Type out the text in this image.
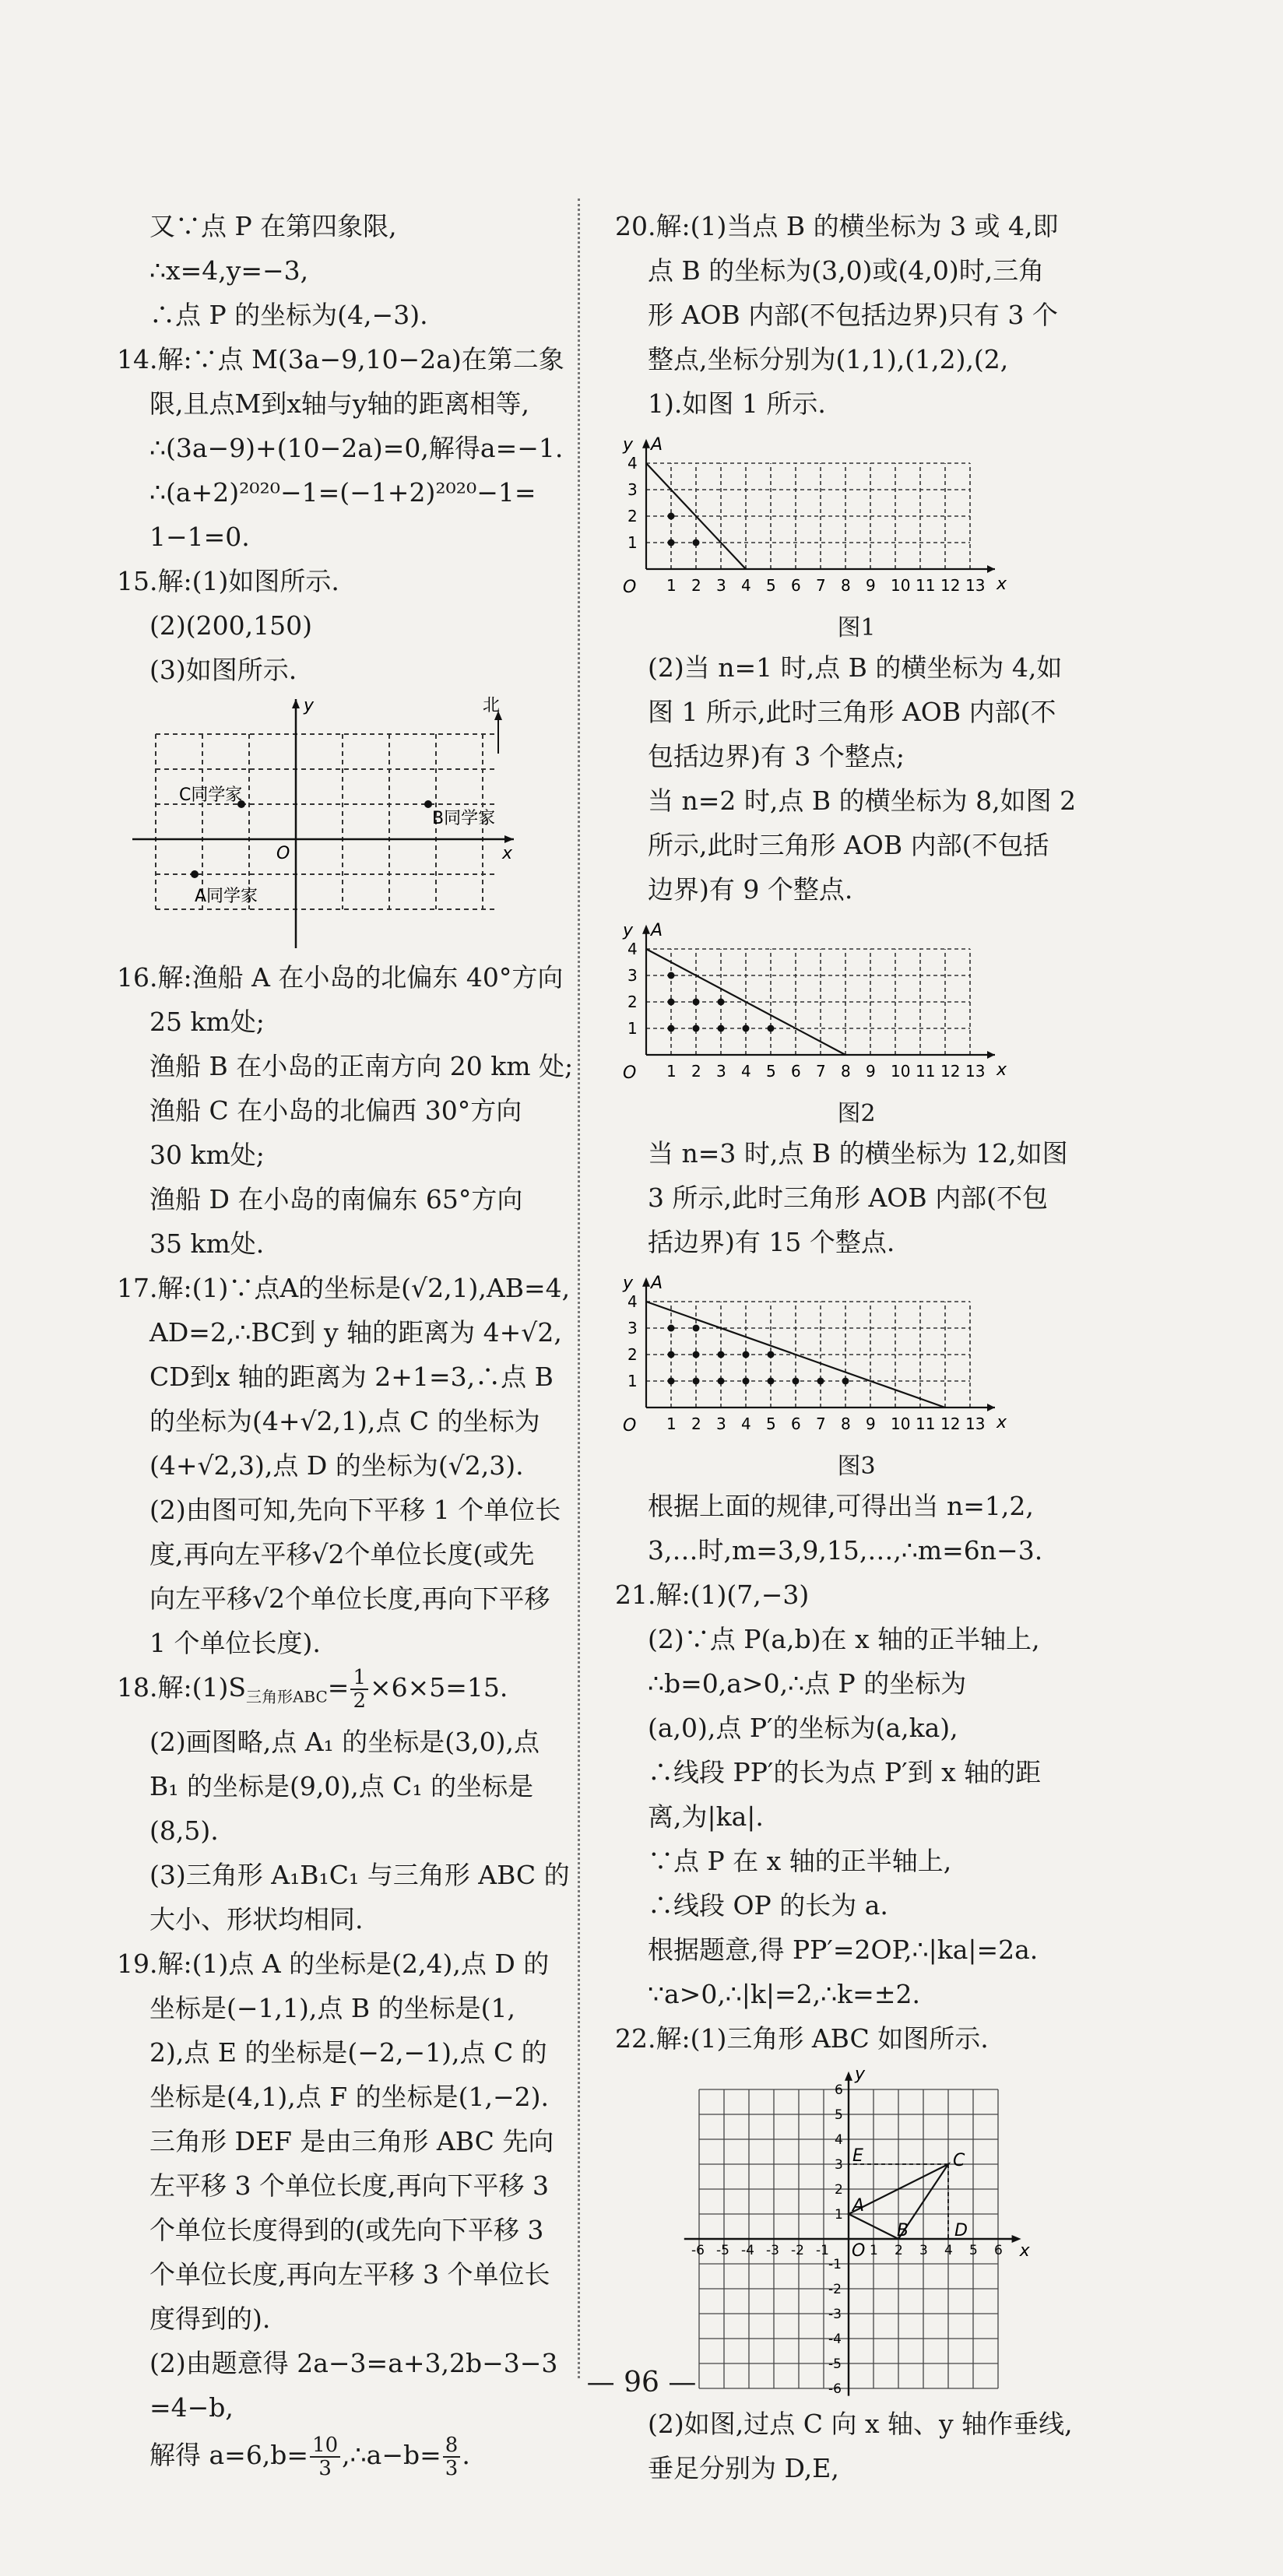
又∵点 P 在第四象限,

∴x=4,y=−3,

∴点 P 的坐标为(4,−3).

14.解:∵点 M(3a−9,10−2a)在第二象

限,且点M到x轴与y轴的距离相等,

∴(3a−9)+(10−2a)=0,解得a=−1.

∴(a+2)²⁰²⁰−1=(−1+2)²⁰²⁰−1=

1−1=0.

15.解:(1)如图所示.

(2)(200,150)

(3)如图所示.

北
y
x
O
C同学家
B同学家
A同学家

16.解:渔船 A 在小岛的北偏东 40°方向

25 km处;

渔船 B 在小岛的正南方向 20 km 处;

渔船 C 在小岛的北偏西 30°方向

30 km处;

渔船 D 在小岛的南偏东 65°方向

35 km处.

17.解:(1)∵点A的坐标是(√2,1),AB=4,

AD=2,∴BC到 y 轴的距离为 4+√2,

CD到x 轴的距离为 2+1=3,∴点 B

的坐标为(4+√2,1),点 C 的坐标为

(4+√2,3),点 D 的坐标为(√2,3).

(2)由图可知,先向下平移 1 个单位长

度,再向左平移√2个单位长度(或先

向左平移√2个单位长度,再向下平移

1 个单位长度).

18.解$:(1)S_{三角形ABC}= \frac{1}{2} \times 6\times 5=15$.

(2)画图略,点 A₁ 的坐标是(3,0),点

B₁ 的坐标是(9,0),点 C₁ 的坐标是

(8,5).

(3)三角形 A₁B₁C₁ 与三角形 ABC 的

大小、形状均相同.

19.解:(1)点 A 的坐标是(2,4),点 D 的

坐标是(−1,1),点 B 的坐标是(1,

2),点 E 的坐标是(−2,−1),点 C 的

坐标是(4,1),点 F 的坐标是(1,−2).

三角形 DEF 是由三角形 ABC 先向

左平移 3 个单位长度,再向下平移 3

个单位长度得到的(或先向下平移 3

个单位长度,再向左平移 3 个单位长

度得到的).

(2)由题意得 2a−3=a+3,2b−3−3

=4−b,

解得 $a=6,b= \frac{10}{3}$ ,∴a−b= $\frac{8}{3}$ .

20.解:(1)当点 B 的横坐标为 3 或 4,即

点 B 的坐标为(3,0)或(4,0)时,三角

形 AOB 内部(不包括边界)只有 3 个

整点,坐标分别为(1,1),(1,2),(2,

1).如图 1 所示.

1 2 3 4 5 6 7 8 9 10 11 12 13
1
2
3
4
O	x
y A

图1

(2)当 n=1 时,点 B 的横坐标为 4,如

图 1 所示,此时三角形 AOB 内部(不

包括边界)有 3 个整点;

当 n=2 时,点 B 的横坐标为 8,如图 2

所示,此时三角形 AOB 内部(不包括

边界)有 9 个整点.

1 2 3 4 5 6 7 8 9 10 11 12 13
1
2
3
4
O	x
y A

图2

当 n=3 时,点 B 的横坐标为 12,如图

3 所示,此时三角形 AOB 内部(不包

括边界)有 15 个整点.

1 2 3 4 5 6 7 8 9 10 11 12 13
1
2
3
4
O	x
y A

图3

根据上面的规律,可得出当 n=1,2,

3,…时,m=3,9,15,…,∴m=6n−3.

21.解:(1)(7,−3)

(2)∵点 P(a,b)在 x 轴的正半轴上,

∴b=0,a>0,∴点 P 的坐标为

(a,0),点 P′的坐标为(a,ka),

∴线段 PP′的长为点 P′到 x 轴的距

离,为|ka|.

∵点 P 在 x 轴的正半轴上,

∴线段 OP 的长为 a.

根据题意,得 PP′=2OP,∴|ka|=2a.

∵a>0,∴|k|=2,∴k=±2.

22.解:(1)三角形 ABC 如图所示.

-6 -5 -4 -3 -2 -1	1 2 3 4 5 6
-6
-5
-4
-3
-2
-1
1
2
3
4
5
6
A
B
C
D
E
O	x
y

(2)如图,过点 C 向 x 轴、y 轴作垂线,

垂足分别为 D,E,

— 96 —
